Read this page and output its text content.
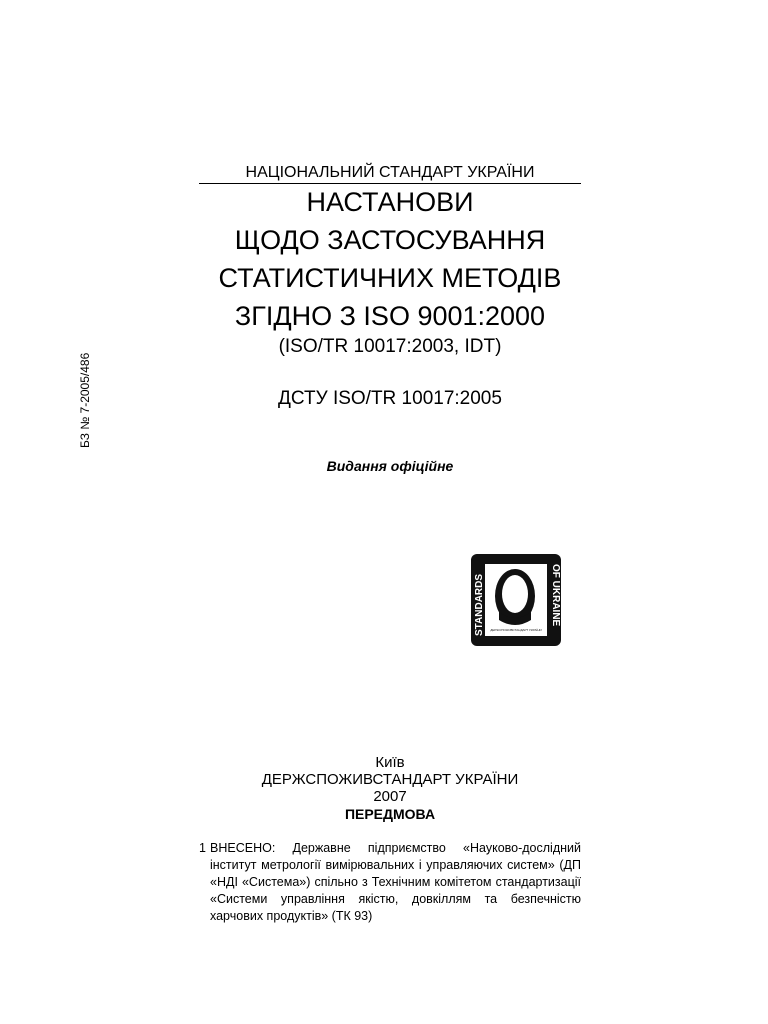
БЗ № 7-2005/486
НАЦІОНАЛЬНИЙ СТАНДАРТ УКРАЇНИ
НАСТАНОВИ
ЩОДО ЗАСТОСУВАННЯ
СТАТИСТИЧНИХ МЕТОДІВ
ЗГІДНО З ISO 9001:2000
(ISO/TR 10017:2003, IDT)
ДСТУ ISO/TR 10017:2005
Видання офіційне
STANDARDS	OF UKRAINE
ДЕРЖСПОЖИВСТАНДАРТ УКРАЇНИ
Київ
ДЕРЖСПОЖИВСТАНДАРТ УКРАЇНИ
2007
ПЕРЕДМОВА
1 ВНЕСЕНО: Державне підприємство «Науково-дослідний інститут метрології вимірювальних і управляючих систем» (ДП «НДІ «Система») спільно з Технічним комітетом стандартизації «Системи управління якістю, довкіллям та безпечністю харчових продуктів» (ТК 93)
